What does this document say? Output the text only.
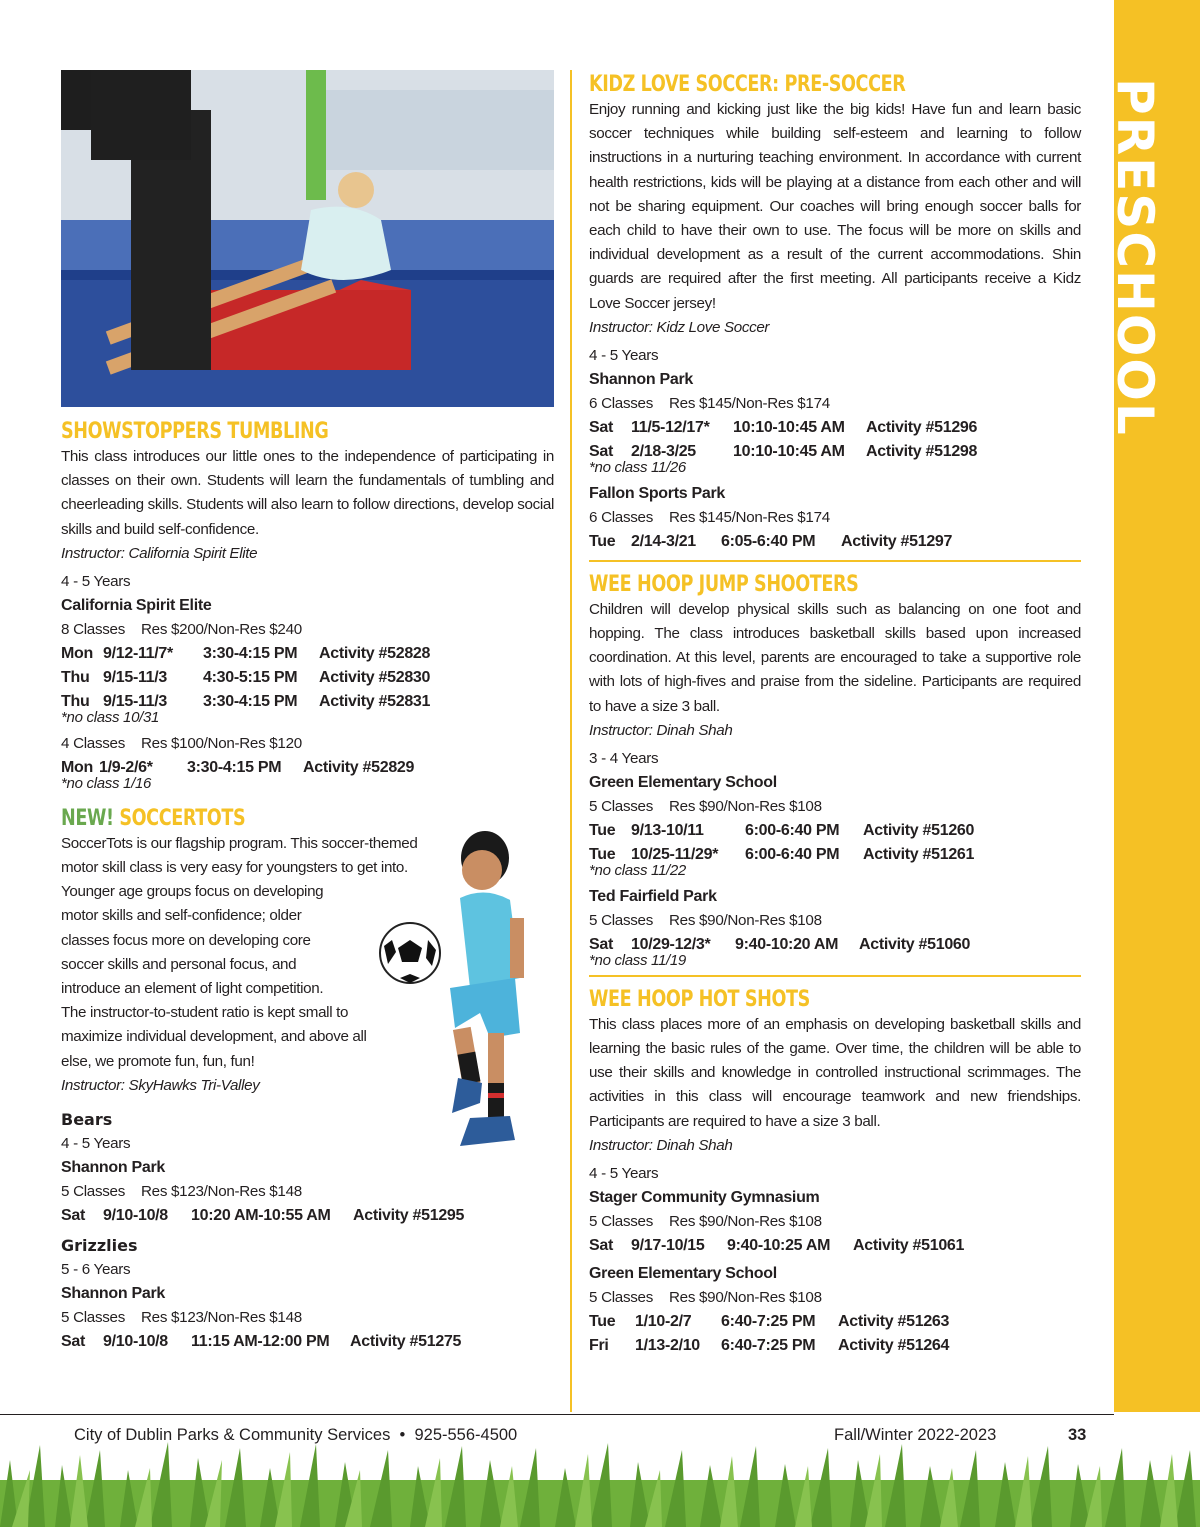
PRESCHOOL
SHOWSTOPPERS TUMBLING

This class introduces our little ones to the independence of participating in classes on their own. Students will learn the fundamentals of tumbling and cheerleading skills. Students will also learn to follow directions, develop social skills and build self-confidence.

Instructor: California Spirit Elite

4 - 5 Years
California Spirit Elite
8 Classes Res $200/Non-Res $240
Mon 9/12-11/7* 3:30-4:15 PM Activity #52828
Thu 9/15-11/3 4:30-5:15 PM Activity #52830
Thu 9/15-11/3 3:30-4:15 PM Activity #52831
*no class 10/31
4 Classes Res $100/Non-Res $120
Mon 1/9-2/6* 3:30-4:15 PM Activity #52829
*no class 1/16
NEW! SOCCERTOTS

SoccerTots is our flagship program. This soccer-themed

motor skill class is very easy for youngsters to get into.

Younger age groups focus on developing

motor skills and self-confidence; older

classes focus more on developing core

soccer skills and personal focus, and

introduce an element of light competition.

The instructor-to-student ratio is kept small to

maximize individual development, and above all

else, we promote fun, fun, fun!

Instructor: SkyHawks Tri-Valley

Bears
4 - 5 Years
Shannon Park
5 Classes Res $123/Non-Res $148
Sat 9/10-10/8 10:20 AM-10:55 AM Activity #51295
Grizzlies
5 - 6 Years
Shannon Park
5 Classes Res $123/Non-Res $148
Sat 9/10-10/8 11:15 AM-12:00 PM Activity #51275
KIDZ LOVE SOCCER: PRE-SOCCER

Enjoy running and kicking just like the big kids! Have fun and learn basic soccer techniques while building self-esteem and learning to follow instructions in a nurturing teaching environment. In accordance with current health restrictions, kids will be playing at a distance from each other and will not be sharing equipment. Our coaches will bring enough soccer balls for each child to have their own to use. The focus will be more on skills and individual development as a result of the current accommodations. Shin guards are required after the first meeting. All participants receive a Kidz Love Soccer jersey!

Instructor: Kidz Love Soccer

4 - 5 Years
Shannon Park
6 Classes Res $145/Non-Res $174
Sat 11/5-12/17* 10:10-10:45 AM Activity #51296
Sat 2/18-3/25 10:10-10:45 AM Activity #51298
*no class 11/26
Fallon Sports Park
6 Classes Res $145/Non-Res $174
Tue 2/14-3/21 6:05-6:40 PM Activity #51297
WEE HOOP JUMP SHOOTERS

Children will develop physical skills such as balancing on one foot and hopping. The class introduces basketball skills based upon increased coordination. At this level, parents are encouraged to take a supportive role with lots of high-fives and praise from the sideline. Participants are required to have a size 3 ball.

Instructor: Dinah Shah

3 - 4 Years
Green Elementary School
5 Classes Res $90/Non-Res $108
Tue 9/13-10/11	6:00-6:40 PM Activity #51260
Tue 10/25-11/29* 6:00-6:40 PM Activity #51261
*no class 11/22
Ted Fairfield Park
5 Classes Res $90/Non-Res $108
Sat 10/29-12/3* 9:40-10:20 AM Activity #51060
*no class 11/19
WEE HOOP HOT SHOTS

This class places more of an emphasis on developing basketball skills and learning the basic rules of the game. Over time, the children will be able to use their skills and knowledge in controlled instructional scrimmages. The activities in this class will encourage teamwork and new friendships. Participants are required to have a size 3 ball.

Instructor: Dinah Shah

4 - 5 Years
Stager Community Gymnasium
5 Classes Res $90/Non-Res $108
Sat 9/17-10/15 9:40-10:25 AM Activity #51061
Green Elementary School
5 Classes Res $90/Non-Res $108
Tue 1/10-2/7 6:40-7:25 PM Activity #51263
Fri 1/13-2/10 6:40-7:25 PM Activity #51264
City of Dublin Parks & Community Services • 925-556-4500	Fall/Winter 2022-2023	33
